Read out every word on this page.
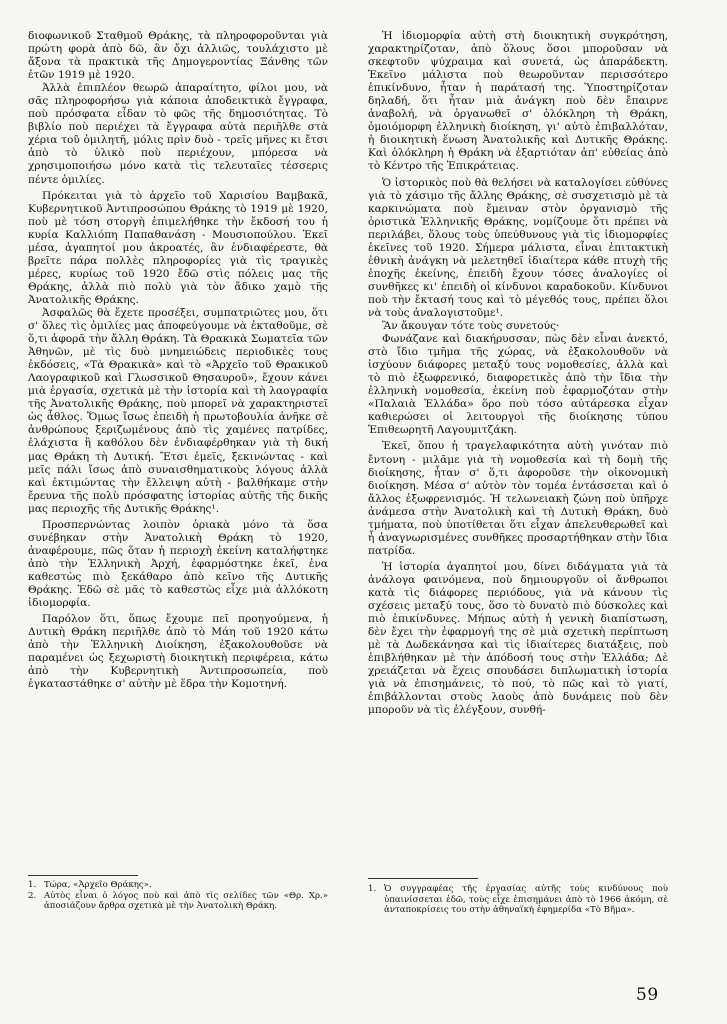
διοφωνικοῦ Σταθμοῦ Θράκης, τὰ πληροφοροῦνται γιὰ πρώτη φορὰ ἀπὸ δῶ, ἂν ὄχι ἀλλιῶς, τουλάχιστο μὲ ἄξονα τὰ πρακτικὰ τῆς Δημογεροντίας Ξάνθης τῶν ἐτῶν 1919 μὲ 1920.

Ἀλλὰ ἐπιπλέον θεωρῶ ἀπαραίτητο, φίλοι μου, νὰ σᾶς πληροφορήσω γιὰ κάποια ἀποδεικτικὰ ἔγγραφα, ποὺ πρόσφατα εἶδαν τὸ φῶς τῆς δημοσιότητας. Τὸ βιβλίο ποὺ περιέχει τὰ ἔγγραφα αὐτὰ περιῆλθε στὰ χέρια τοῦ ὁμιλητῆ, μόλις πρὶν δυὸ - τρεῖς μῆνες κι ἔτσι ἀπὸ τὸ ὑλικὸ ποὺ περιέχουν, μπόρεσα νὰ χρησιμοποιήσω μόνο κατὰ τὶς τελευταῖες τέσσερις πέντε ὁμιλίες.

Πρόκειται γιὰ τὸ ἀρχεῖο τοῦ Χαρισίου Βαμβακᾶ, Κυβερνητικοῦ Ἀντιπροσώπου Θράκης τὸ 1919 μὲ 1920, ποὺ μὲ τόση στοργὴ ἐπιμελήθηκε τὴν ἔκδοσή του ἡ κυρία Καλλιόπη Παπαθανάση - Μουσιοπούλου. Ἐκεῖ μέσα, ἀγαπητοί μου ἀκροατές, ἂν ἐνδιαφέρεστε, θὰ βρεῖτε πάρα πολλὲς πληροφορίες γιὰ τὶς τραγικὲς μέρες, κυρίως τοῦ 1920 ἔδῶ στὶς πόλεις μας τῆς Θράκης, ἀλλὰ πιὸ πολὺ γιὰ τὸν ἄδικο χαμὸ τῆς Ἀνατολικῆς Θράκης.

Ἀσφαλῶς θὰ ἔχετε προσέξει, συμπατριῶτες μου, ὅτι σ' ὅλες τὶς ὁμιλίες μας ἀποφεύγουμε νὰ ἐκταθοῦμε, σὲ ὅ,τι ἀφορᾶ τὴν ἄλλη Θράκη. Τὰ Θρακικὰ Σωματεῖα τῶν Ἀθηνῶν, μὲ τὶς δυὸ μνημειώδεις περιοδικὲς τους ἐκδόσεις, «Τὰ Θρακικὰ» καὶ τὸ «Ἀρχεῖο τοῦ Θρακικοῦ Λαογραφικοῦ καὶ Γλωσσικοῦ Θησαυροῦ», ἔχουν κάνει μιὰ ἐργασία, σχετικὰ μὲ τὴν ἱστορία καὶ τὴ λαογραφία τῆς Ἀνατολικῆς Θράκης, ποὺ μπορεῖ νὰ χαρακτηριστεῖ ὡς ἆθλος. Ὅμως ἴσως ἐπειδὴ ἡ πρωτοβουλία ἀνῆκε σὲ ἀνθρώπους ξεριζωμένους ἀπὸ τὶς χαμένες πατρίδες, ἐλάχιστα ἢ καθόλου δὲν ἐνδιαφέρθηκαν γιὰ τὴ δική μας Θράκη τὴ Δυτική. Ἔτσι ἐμεῖς, ξεκινώντας - καὶ μεῖς πάλι ἴσως ἀπὸ συναισθηματικοὺς λόγους ἀλλὰ καὶ ἐκτιμώντας τὴν ἔλλειψη αὐτὴ - βαλθήκαμε στὴν ἔρευνα τῆς πολὺ πρόσφατης ἱστορίας αὐτῆς τῆς δικῆς μας περιοχῆς τῆς Δυτικῆς Θράκης¹.

Προσπερνώντας λοιπὸν ὁριακὰ μόνο τὰ ὅσα συνέβηκαν στὴν Ἀνατολικὴ Θράκη τὸ 1920, ἀναφέρουμε, πῶς ὅταν ἡ περιοχὴ ἐκείνη καταλήφτηκε ἀπὸ τὴν Ἑλληνικὴ Ἀρχή, ἐφαρμόστηκε ἐκεῖ, ἐνα καθεστὼς πιὸ ξεκάθαρο ἀπὸ κεῖνο τῆς Δυτικῆς Θράκης. Ἐδῶ σὲ μᾶς τὸ καθεστὼς εἶχε μιὰ ἀλλόκοτη ἰδιομορφία.

Παρόλον ὅτι, ὅπως ἔχουμε πεῖ προηγούμενα, ἡ Δυτικὴ Θράκη περιῆλθε ἀπὸ τὸ Μάη τοῦ 1920 κάτω ἀπὸ τὴν Ἑλληνικὴ Διοίκηση, ἐξακολουθοῦσε νὰ παραμένει ὡς ξεχωριστὴ διοικητικὴ περιφέρεια, κάτω ἀπὸ τὴν Κυβερνητικὴ Ἀντιπροσωπεία, ποὺ ἐγκαταστάθηκε σ' αὐτὴν μὲ ἕδρα τὴν Κομοτηνή.

Ἡ ἰδιομορφία αὐτὴ στὴ διοικητικὴ συγκρότηση, χαρακτηρίζοταν, ἀπὸ ὅλους ὅσοι μποροῦσαν νὰ σκεφτοῦν ψύχραιμα καὶ συνετά, ὡς ἀπαράδεκτη. Ἐκεῖνο μάλιστα ποὺ θεωροῦνταν περισσότερο ἐπικίνδυνο, ἦταν ἡ παράτασή της. Ὑποστηρίζοταν δηλαδή, ὅτι ἦταν μιὰ ἀνάγκη ποὺ δὲν ἔπαιρνε ἀναβολή, νὰ ὀργανωθεῖ σ' ὁλόκληρη τὴ Θράκη, ὁμοιόμορφη ἑλληνικὴ διοίκηση, γι' αὐτὸ ἐπιβαλλόταν, ἡ διοικητικὴ ἕνωση Ἀνατολικῆς καὶ Δυτικῆς Θράκης. Καὶ ὁλόκληρη ἡ Θράκη νὰ ἐξαρτιόταν ἀπ' εὐθείας ἀπὸ τὸ Κέντρο τῆς Ἐπικράτειας.

Ὁ ἱστορικὸς ποὺ θὰ θελήσει νὰ καταλογίσει εὐθύνες γιὰ τὸ χάσιμο τῆς ἄλλης Θράκης, σὲ συσχετισμὸ μὲ τὰ καρκινώματα ποὺ ἔμειναν στὸν ὀργανισμὸ τῆς ὁριστικὰ Ἑλληνικῆς Θράκης, νομίζουμε ὅτι πρέπει νὰ περιλάβει, ὅλους τοὺς ὑπεύθυνους γιὰ τὶς ἰδιομορφίες ἐκεῖνες τοῦ 1920. Σήμερα μάλιστα, εἶναι ἐπιτακτικὴ ἐθνικὴ ἀνάγκη νὰ μελετηθεῖ ἰδιαίτερα κάθε πτυχὴ τῆς ἐποχῆς ἐκείνης, ἐπειδὴ ἔχουν τόσες ἀναλογίες οἱ συνθῆκες κι' ἐπειδὴ οἱ κίνδυνοι καραδοκοῦν. Κίνδυνοι ποὺ τὴν ἔκτασή τους καὶ τὸ μέγεθός τους, πρέπει ὅλοι νὰ τοὺς ἀναλογιστοῦμε¹.

Ἂν ἄκουγαν τότε τοὺς συνετούς·

Φωνάζανε καὶ διακήρυσσαν, πὼς δὲν εἶναι ἀνεκτό, στὸ ἴδιο τμῆμα τῆς χώρας, νὰ ἐξακολουθοῦν νὰ ἰσχύουν διάφορες μεταξύ τους νομοθεσίες, ἀλλὰ καὶ τὸ πιὸ ἐξωφρενικό, διαφορετικὲς ἀπὸ τὴν ἴδια τὴν ἑλληνικὴ νομοθεσία, ἐκείνη ποὺ ἐφαρμοζόταν στὴν «Παλαιὰ Ἑλλάδα» ὅρο ποὺ τόσο αὐτάρεσκα εἶχαν καθιερώσει οἱ λειτουργοὶ τῆς διοίκησης τύπου Ἐπιθεωρητῆ Λαγουμιτζάκη.

Ἐκεῖ, ὅπου ἡ τραγελαφικότητα αὐτὴ γινόταν πιὸ ἔντονη - μιλᾶμε γιὰ τὴ νομοθεσία καὶ τὴ δομὴ τῆς διοίκησης, ἦταν σ' ὅ,τι ἀφοροῦσε τὴν οἰκονομικὴ διοίκηση. Μέσα σ' αὐτὸν τὸν τομέα ἐντάσσεται καὶ ὁ ἄλλος ἐξωφρενισμός. Ἡ τελωνειακὴ ζώνη ποὺ ὑπῆρχε ἀνάμεσα στὴν Ἀνατολικὴ καὶ τὴ Δυτικὴ Θράκη, δυὸ τμήματα, ποὺ ὑποτίθεται ὅτι εἶχαν ἀπελευθερωθεῖ καὶ ἦ ἀναγνωρισμένες συνθῆκες προσαρτήθηκαν στὴν ἴδια πατρίδα.

Ἡ ἱστορία ἀγαπητοί μου, δίνει διδάγματα γιὰ τὰ ἀνάλογα φαινόμενα, ποὺ δημιουργοῦν οἱ ἄνθρωποι κατὰ τὶς διάφορες περιόδους, γιὰ νὰ κάνουν τὶς σχέσεις μεταξύ τους, ὅσο τὸ δυνατὸ πιὸ δύσκολες καὶ πιὸ ἐπικίνδυνες. Μήπως αὐτὴ ἡ γενικὴ διαπίστωση, δὲν ἔχει τὴν ἐφαρμογή της σὲ μιὰ σχετικὴ περίπτωση μὲ τὰ Δωδεκάνησα καὶ τὶς ἰδιαίτερες διατάξεις, ποὺ ἐπιβλήθηκαν μὲ τὴν ἀπόδοσή τους στὴν Ἑλλάδα; Δὲ χρειάζεται νὰ ἔχεις σπουδάσει διπλωματικὴ ἱστορία γιὰ νὰ ἐπισημάνεις, τὸ πού, τὸ πῶς καὶ τὸ γιατί, ἐπιβάλλονται στοὺς λαοὺς ἀπὸ δυνάμεις ποὺ δὲν μποροῦν νὰ τὶς ἐλέγξουν, συνθή-

1. Τώρα, «Ἀρχεῖο Θράκης».
2. Αὐτὸς εἶναι ὁ λόγος ποὺ καὶ ἀπὸ τὶς σελίδες τῶν «Θρ. Χρ.» ἀποσιάζουν ἄρθρα σχετικὰ μὲ τὴν Ἀνατολικὴ Θράκη.
1. Ὁ συγγραφέας τῆς ἐργασίας αὐτῆς τοὺς κινδύνους ποὺ ὑπαινίσσεται ἐδῶ, τοὺς εἶχε ἐπισημάνει ἀπὸ τὸ 1966 ἀκόμη, σὲ ἀνταποκρίσεις του στὴν ἀθηναϊκὴ ἐφημερίδα «Τὸ Βῆμα».
59
